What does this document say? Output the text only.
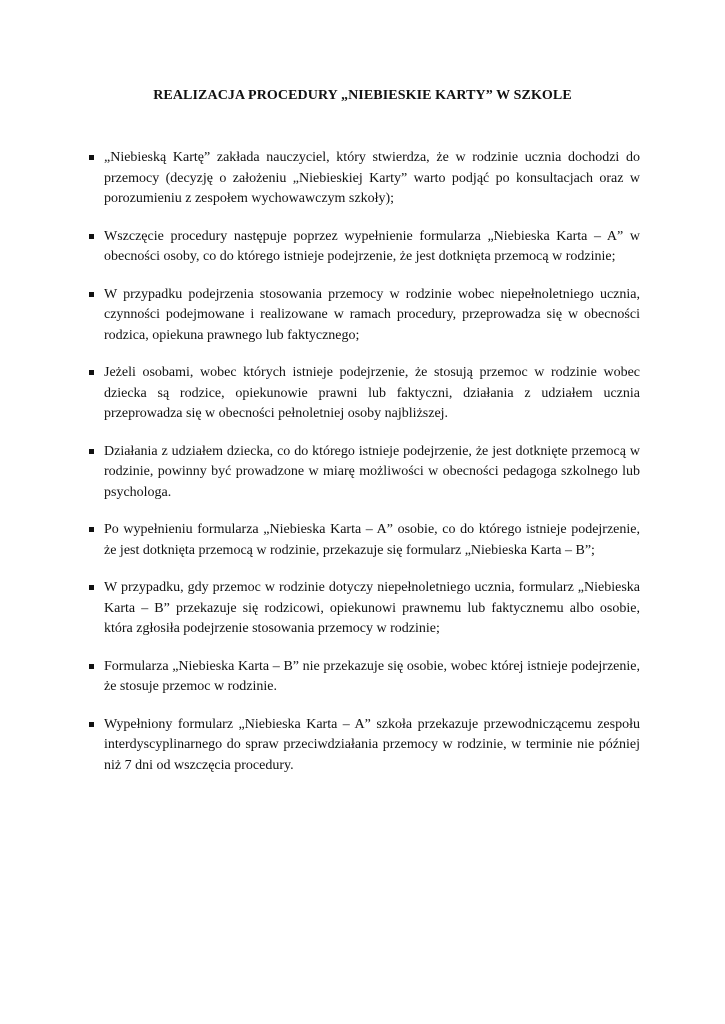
REALIZACJA PROCEDURY „NIEBIESKIE KARTY” W SZKOLE
„Niebieską Kartę” zakłada nauczyciel, który stwierdza, że w rodzinie ucznia dochodzi do przemocy (decyzję o założeniu „Niebieskiej Karty” warto podjąć po konsultacjach oraz w porozumieniu z zespołem wychowawczym szkoły);
Wszczęcie procedury następuje poprzez wypełnienie formularza „Niebieska Karta – A” w obecności osoby, co do którego istnieje podejrzenie, że jest dotknięta przemocą w rodzinie;
W przypadku podejrzenia stosowania przemocy w rodzinie wobec niepełnoletniego ucznia, czynności podejmowane i realizowane w ramach procedury, przeprowadza się w obecności rodzica, opiekuna prawnego lub faktycznego;
Jeżeli osobami, wobec których istnieje podejrzenie, że stosują przemoc w rodzinie wobec dziecka są rodzice, opiekunowie prawni lub faktyczni, działania z udziałem ucznia przeprowadza się w obecności pełnoletniej osoby najbliższej.
Działania z udziałem dziecka, co do którego istnieje podejrzenie, że jest dotknięte przemocą w rodzinie, powinny być prowadzone w miarę możliwości w obecności pedagoga szkolnego lub psychologa.
Po wypełnieniu formularza „Niebieska Karta – A” osobie, co do którego istnieje podejrzenie, że jest dotknięta przemocą w rodzinie, przekazuje się formularz „Niebieska Karta – B”;
W przypadku, gdy przemoc w rodzinie dotyczy niepełnoletniego ucznia, formularz „Niebieska Karta – B” przekazuje się rodzicowi, opiekunowi prawnemu lub faktycznemu albo osobie, która zgłosiła podejrzenie stosowania przemocy w rodzinie;
Formularza „Niebieska Karta – B” nie przekazuje się osobie, wobec której istnieje podejrzenie, że stosuje przemoc w rodzinie.
Wypełniony formularz „Niebieska Karta – A” szkoła przekazuje przewodniczącemu zespołu interdyscyplinarnego do spraw przeciwdziałania przemocy w rodzinie, w terminie nie później niż 7 dni od wszczęcia procedury.
